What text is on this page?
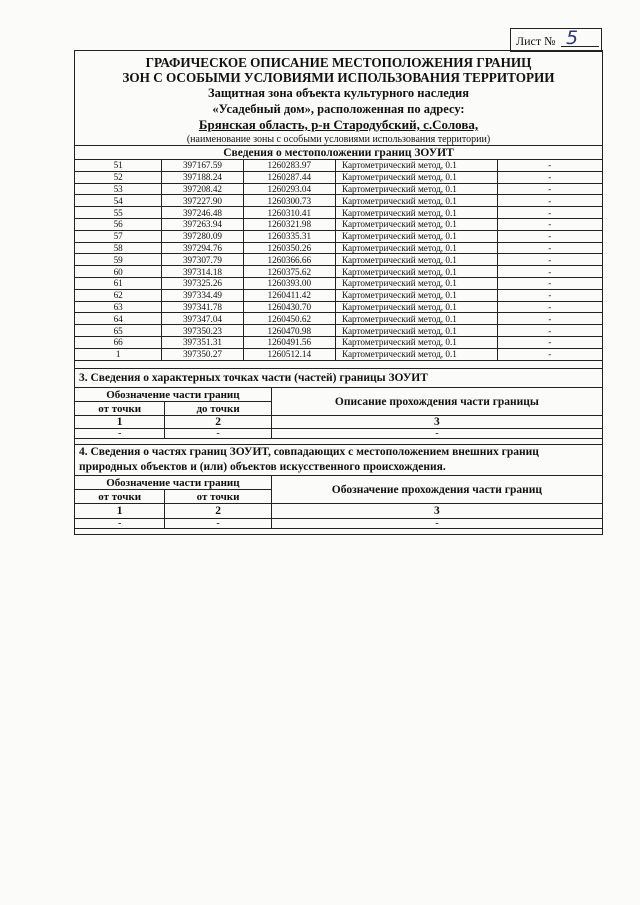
Лист № 5
ГРАФИЧЕСКОЕ ОПИСАНИЕ МЕСТОПОЛОЖЕНИЯ ГРАНИЦ
ЗОН С ОСОБЫМИ УСЛОВИЯМИ ИСПОЛЬЗОВАНИЯ ТЕРРИТОРИИ
Защитная зона объекта культурного наследия
«Усадебный дом», расположенная по адресу:
Брянская область, р-н Стародубский, с.Солова,
(наименование зоны с особыми условиями использования территории)
Сведения о местоположении границ ЗОУИТ				
51	397167.59	1260283.97	Картометрический метод, 0.1	-
52	397188.24	1260287.44	Картометрический метод, 0.1	-
53	397208.42	1260293.04	Картометрический метод, 0.1	-
54	397227.90	1260300.73	Картометрический метод, 0.1	-
55	397246.48	1260310.41	Картометрический метод, 0.1	-
56	397263.94	1260321.98	Картометрический метод, 0.1	-
57	397280.09	1260335.31	Картометрический метод, 0.1	-
58	397294.76	1260350.26	Картометрический метод, 0.1	-
59	397307.79	1260366.66	Картометрический метод, 0.1	-
60	397314.18	1260375.62	Картометрический метод, 0.1	-
61	397325.26	1260393.00	Картометрический метод, 0.1	-
62	397334.49	1260411.42	Картометрический метод, 0.1	-
63	397341.78	1260430.70	Картометрический метод, 0.1	-
64	397347.04	1260450.62	Картометрический метод, 0.1	-
65	397350.23	1260470.98	Картометрический метод, 0.1	-
66	397351.31	1260491.56	Картометрический метод, 0.1	-
1	397350.27	1260512.14	Картометрический метод, 0.1	-
3. Сведения о характерных точках части (частей) границы ЗОУИТ		
Обозначение части границ		Описание прохождения части границы
от точки	до точки	
1	2	3
-	-	-
4. Сведения о частях границ ЗОУИТ, совпадающих с местоположением внешних границ
природных объектов и (или) объектов искусственного происхождения.		
Обозначение части границ		Обозначение прохождения части границ
от точки	от точки	
1	2	3
-	-	-
